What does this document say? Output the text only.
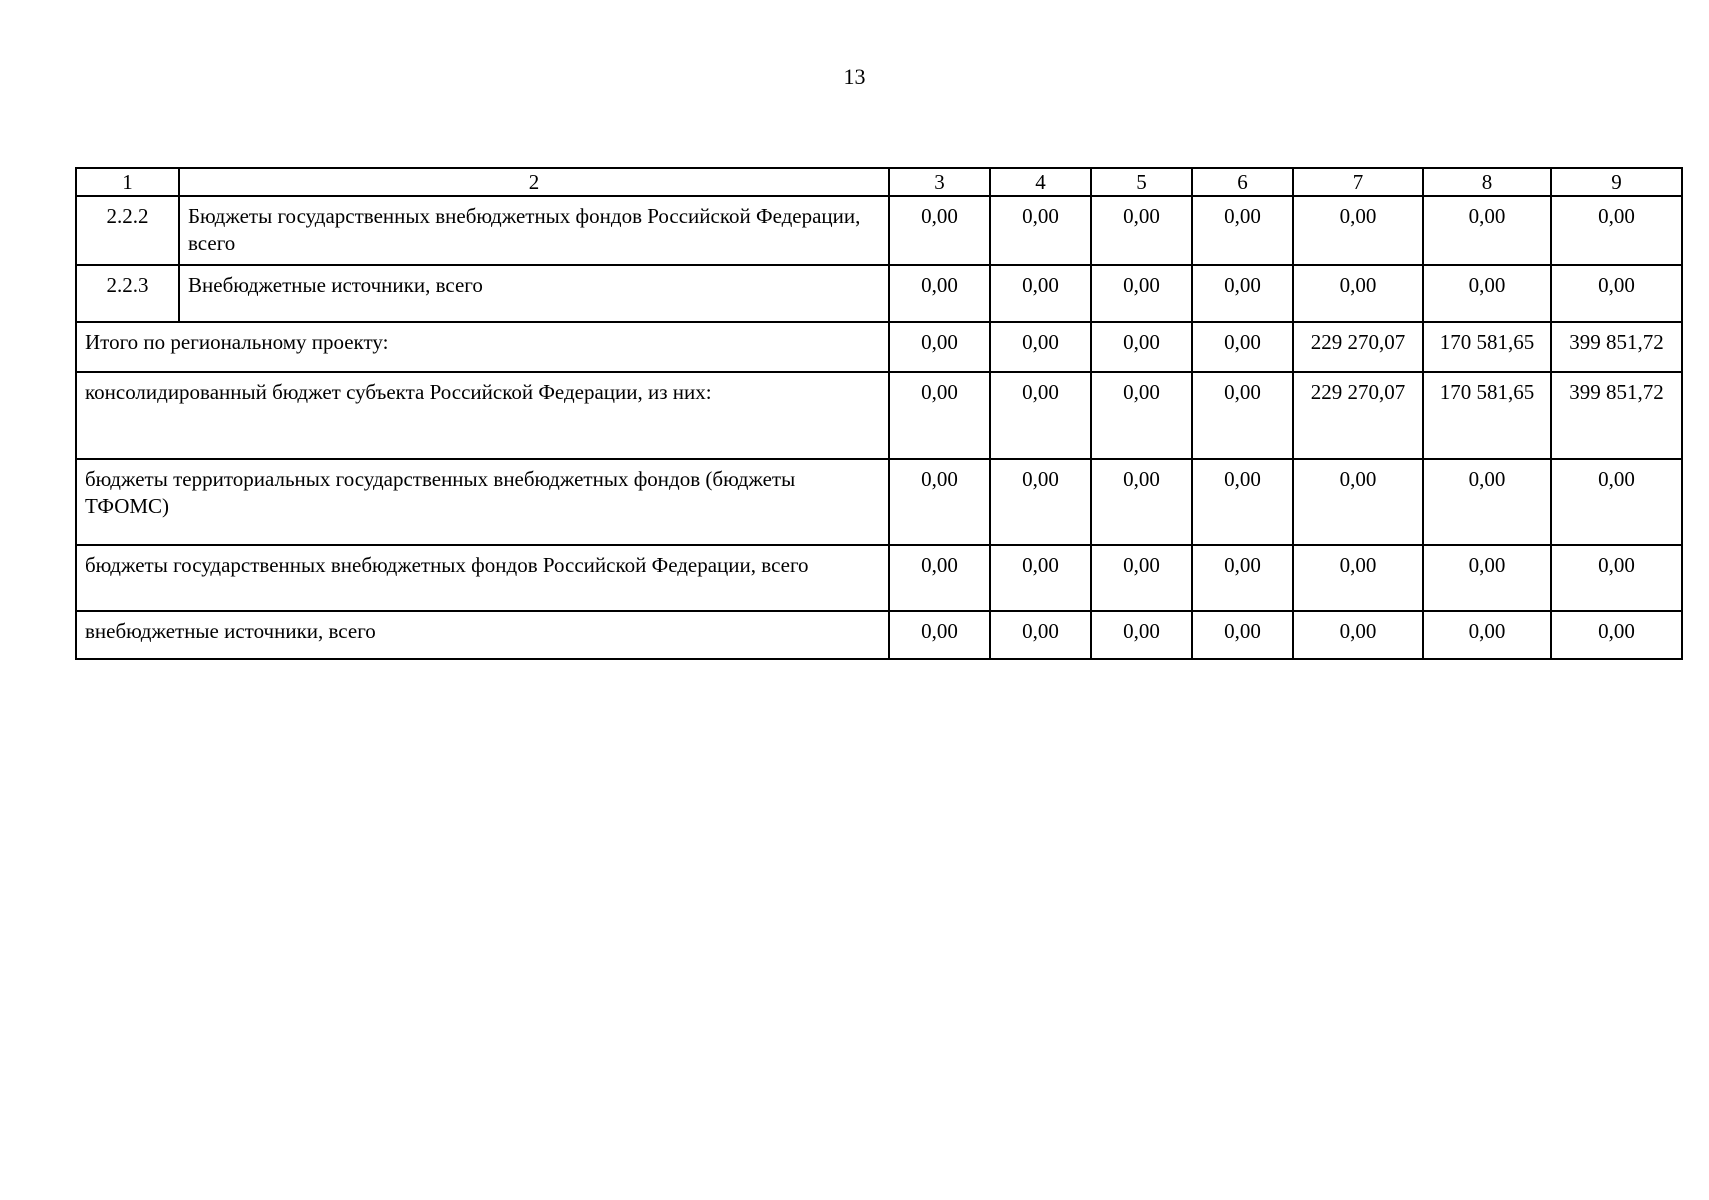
13
1	2	3	4	5	6	7	8	9
2.2.2	Бюджеты государственных внебюджетных фондов Российской Федерации, всего	0,00	0,00	0,00	0,00	0,00	0,00	0,00
2.2.3	Внебюджетные источники, всего	0,00	0,00	0,00	0,00	0,00	0,00	0,00
Итого по региональному проекту:		0,00	0,00	0,00	0,00	229 270,07	170 581,65	399 851,72
консолидированный бюджет субъекта Российской Федерации, из них:		0,00	0,00	0,00	0,00	229 270,07	170 581,65	399 851,72
бюджеты территориальных государственных внебюджетных фондов (бюджеты ТФОМС)		0,00	0,00	0,00	0,00	0,00	0,00	0,00
бюджеты государственных внебюджетных фондов Российской Федерации, всего		0,00	0,00	0,00	0,00	0,00	0,00	0,00
внебюджетные источники, всего		0,00	0,00	0,00	0,00	0,00	0,00	0,00
